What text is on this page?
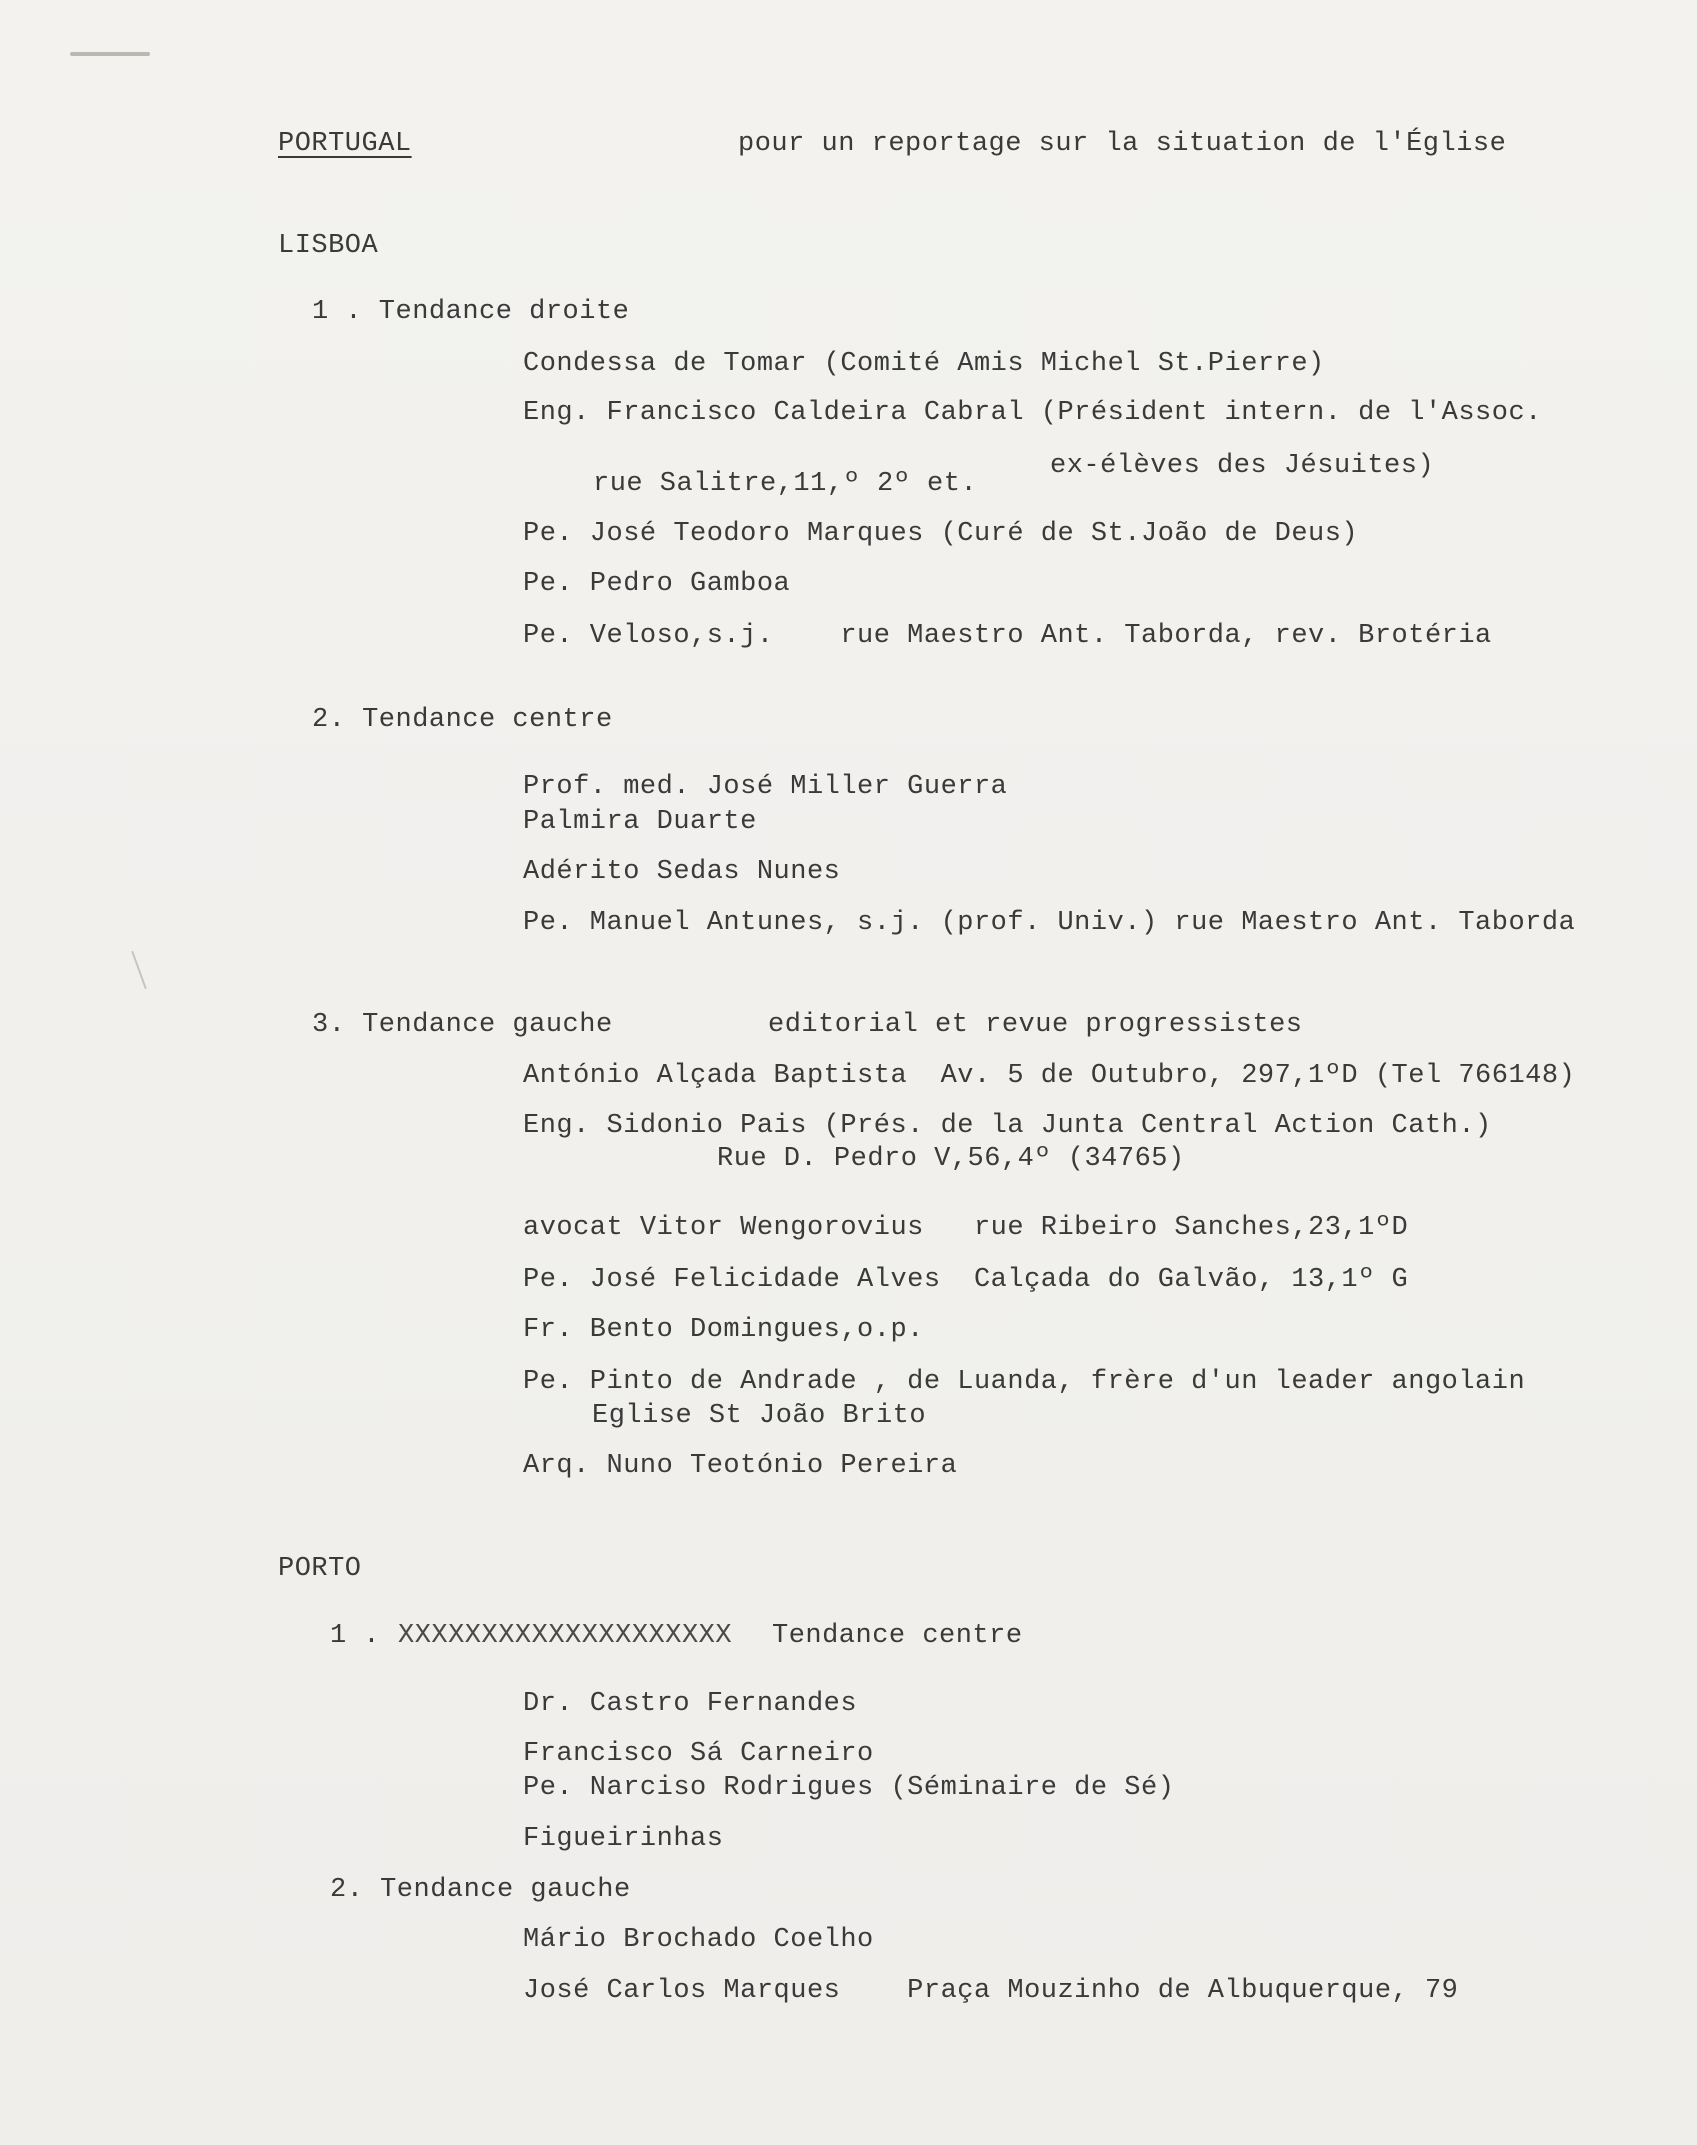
PORTUGAL	pour un reportage sur la situation de l'Église
LISBOA
1 . Tendance droite
Condessa de Tomar (Comité Amis Michel St.Pierre)
Eng. Francisco Caldeira Cabral (Président intern. de l'Assoc.
ex-élèves des Jésuites)
rue Salitre,11,º 2º et.
Pe. José Teodoro Marques (Curé de St.João de Deus)
Pe. Pedro Gamboa
Pe. Veloso,s.j.    rue Maestro Ant. Taborda, rev. Brotéria
2. Tendance centre
Prof. med. José Miller Guerra
Palmira Duarte
Adérito Sedas Nunes
Pe. Manuel Antunes, s.j. (prof. Univ.) rue Maestro Ant. Taborda
3. Tendance gauche	editorial et revue progressistes
António Alçada Baptista  Av. 5 de Outubro, 297,1ºD (Tel 766148)
Eng. Sidonio Pais (Prés. de la Junta Central Action Cath.)
Rue D. Pedro V,56,4º (34765)
avocat Vitor Wengorovius   rue Ribeiro Sanches,23,1ºD
Pe. José Felicidade Alves  Calçada do Galvão, 13,1º G
Fr. Bento Domingues,o.p.
Pe. Pinto de Andrade , de Luanda, frère d'un leader angolain
Eglise St João Brito
Arq. Nuno Teotónio Pereira
PORTO
1 . XXXXXXXXXXXXXXXXXXXX Tendance centre
Dr. Castro Fernandes
Francisco Sá Carneiro
Pe. Narciso Rodrigues (Séminaire de Sé)
Figueirinhas
2. Tendance gauche
Mário Brochado Coelho
José Carlos Marques    Praça Mouzinho de Albuquerque, 79
